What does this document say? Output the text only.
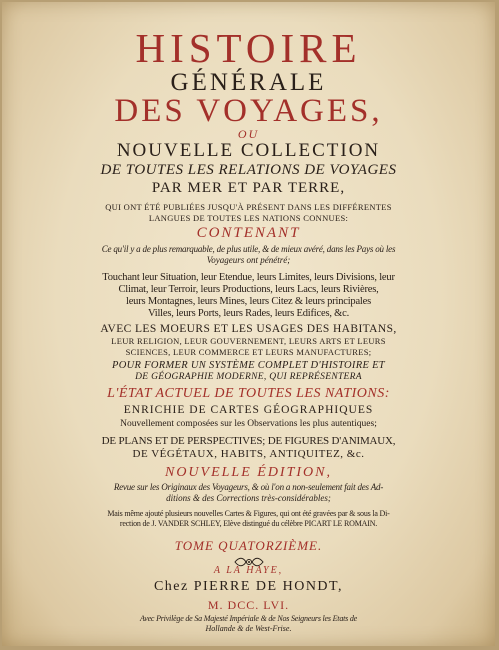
HISTOIRE
GÉNÉRALE
DES VOYAGES,
OU
NOUVELLE COLLECTION
DE TOUTES LES RELATIONS DE VOYAGES
PAR MER ET PAR TERRE,
QUI ONT ÉTÉ PUBLIÉES JUSQU'À PRÉSENT DANS LES DIFFÉRENTES
LANGUES DE TOUTES LES NATIONS CONNUES:
CONTENANT
Ce qu'il y a de plus remarquable, de plus utile, & de mieux avéré, dans les Pays où les
Voyageurs ont pénétré;
Touchant leur Situation, leur Etendue, leurs Limites, leurs Divisions, leur
Climat, leur Terroir, leurs Productions, leurs Lacs, leurs Rivières,
leurs Montagnes, leurs Mines, leurs Citez & leurs principales
Villes, leurs Ports, leurs Rades, leurs Edifices, &c.
AVEC LES MOEURS ET LES USAGES DES HABITANS,
LEUR RELIGION, LEUR GOUVERNEMENT, LEURS ARTS ET LEURS
SCIENCES, LEUR COMMERCE ET LEURS MANUFACTURES;
POUR FORMER UN SYSTÈME COMPLET D'HISTOIRE ET
DE GÉOGRAPHIE MODERNE, QUI REPRÉSENTERA
L'ÉTAT ACTUEL DE TOUTES LES NATIONS:
ENRICHIE DE CARTES GÉOGRAPHIQUES
Nouvellement composées sur les Observations les plus autentiques;
DE PLANS ET DE PERSPECTIVES; DE FIGURES D'ANIMAUX,
DE VÉGÉTAUX, HABITS, ANTIQUITEZ, &c.
NOUVELLE ÉDITION,
Revue sur les Originaux des Voyageurs, & où l'on a non-seulement fait des Ad-
ditions & des Corrections très-considérables;
Mais même ajouté plusieurs nouvelles Cartes & Figures, qui ont été gravées par & sous la Di-
rection de J. VANDER SCHLEY, Elève distingué du célèbre PICART LE ROMAIN.
TOME QUATORZIÈME.
A LA HAYE,
Chez PIERRE DE HONDT,
M. DCC. LVI.
Avec Privilège de Sa Majesté Impériale & de Nos Seigneurs les Etats de
Hollande & de West-Frise.
